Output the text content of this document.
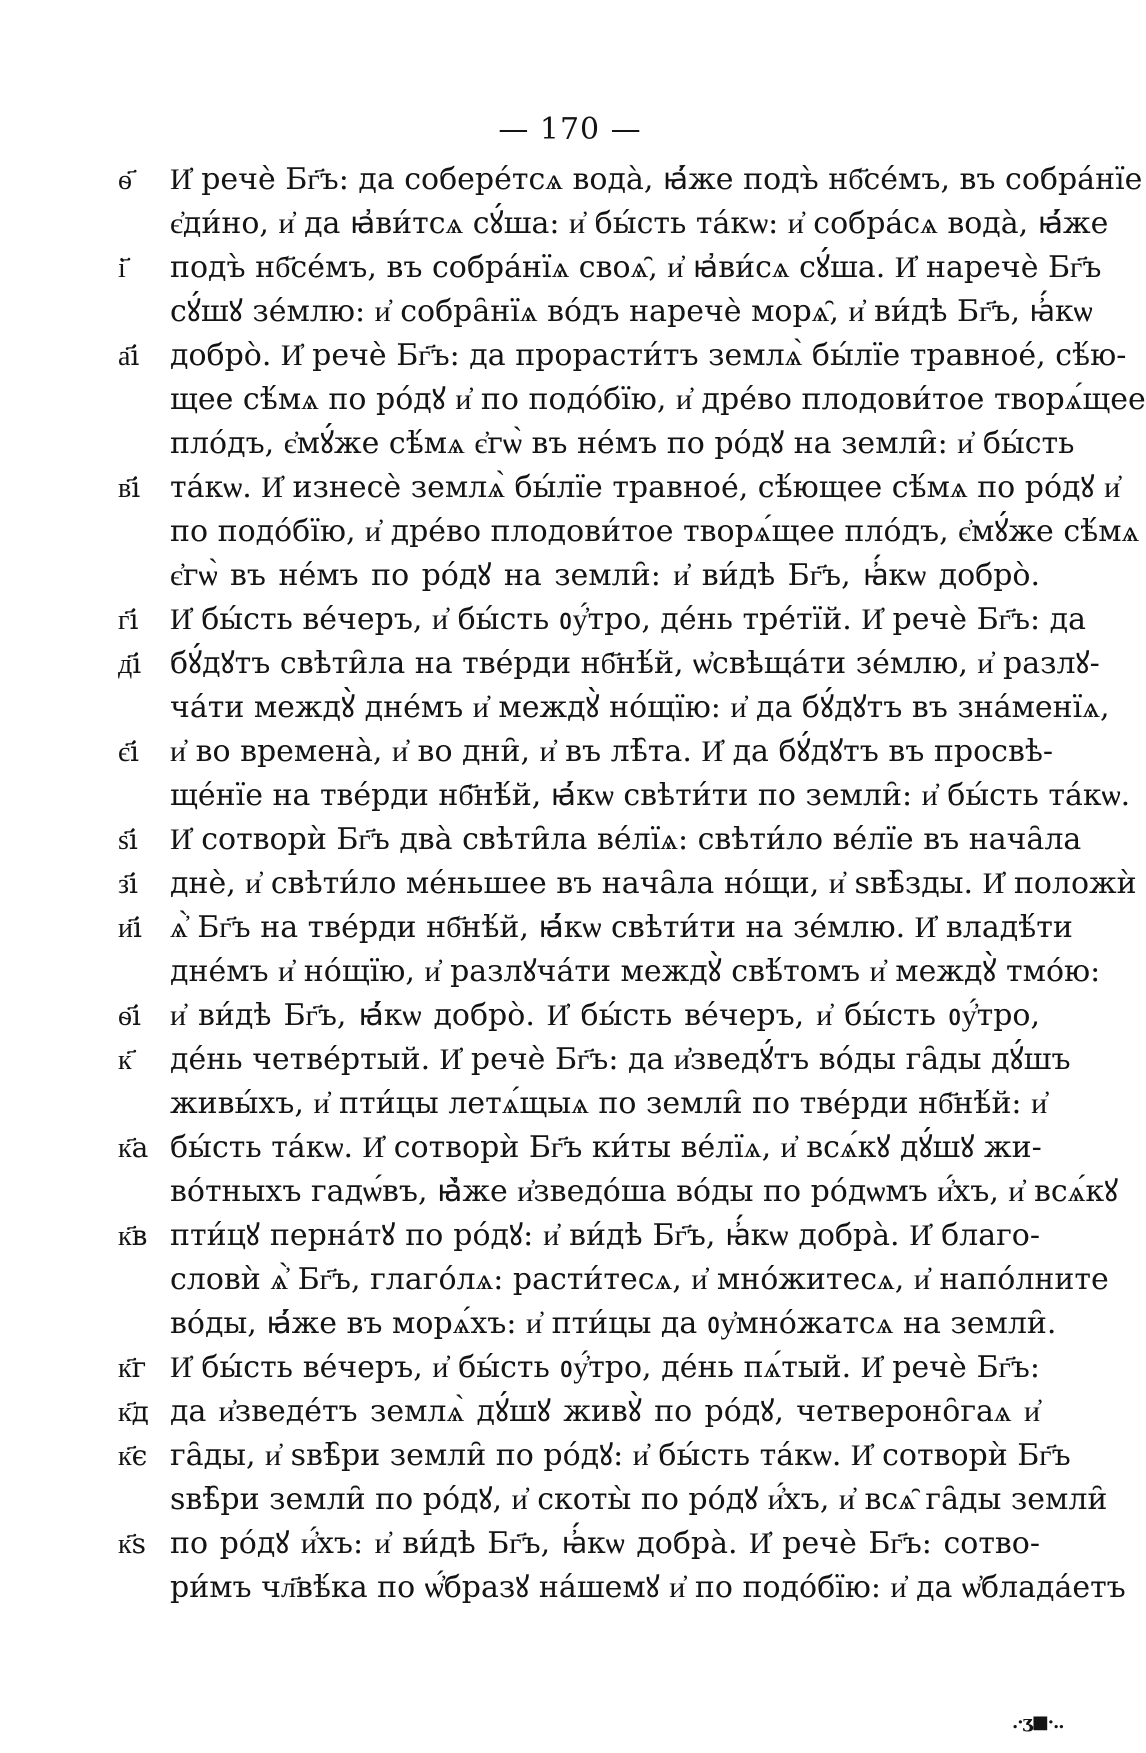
— 170 —
ѳ҃	И҆ речѐ Бг҃ъ: да соберéтсѧ водà, ꙗ҆́же подъ̀ нб҃се́мъ, въ собра́нїе
є҆ди́но, и҆ да ꙗ҆ви́тсѧ сꙋ́ша: и҆ бы́сть та́кѡ: и҆ собра́сѧ водà, ꙗ҆́же
і҃	подъ̀ нб҃се́мъ, въ собра́нїѧ своѧ̑, и҆ ꙗ҆ви́сѧ сꙋ́ша. И҆ наречѐ Бг҃ъ
сꙋ́шꙋ зе́млю: и҆ собра̑нїѧ во́дъ наречѐ морѧ̑, и҆ ви́дѣ Бг҃ъ, ꙗ҆́кѡ
а҃і	добро̀. И҆ речѐ Бг҃ъ: да прорасти́тъ землѧ̀ бы́лїе травное́, сѣ́ю-
щее сѣ́мѧ по ро́дꙋ и҆ по подо́бїю, и҆ дре́во плодови́тое творѧ́щее
пло́дъ, є҆мꙋ́же сѣ́мѧ є҆гѡ̀ въ не́мъ по ро́дꙋ на земли̑: и҆ бы́сть
в҃і та́кѡ. И҆ изнесѐ землѧ̀ бы́лїе травное́, сѣ́ющее сѣ́мѧ по ро́дꙋ и҆
по подо́бїю, и҆ дре́во плодови́тое творѧ́щее пло́дъ, є҆мꙋ́же сѣ́мѧ
є҆гѡ̀ въ не́мъ по ро́дꙋ на земли̑: и҆ ви́дѣ Бг҃ъ, ꙗ҆́кѡ добро̀.
г҃і	И҆ бы́сть ве́черъ, и҆ бы́сть ᲂу҆́тро, де́нь тре́тїй. И҆ речѐ Бг҃ъ: да
д҃і бꙋ́дꙋтъ свѣти̑ла на тве́рди нб҃нѣ́й, ѡ҆свѣща́ти зе́млю, и҆ разлꙋ-
ча́ти междꙋ̀ дне́мъ и҆ междꙋ̀ но́щїю: и҆ да бꙋ́дꙋтъ въ зна́менїѧ,
є҃і	и҆ во времена̀, и҆ во дни̑, и҆ въ лѣ̑та. И҆ да бꙋ́дꙋтъ въ просвѣ-
ще́нїе на тве́рди нб҃нѣ́й, ꙗ҆́кѡ свѣти́ти по земли̑: и҆ бы́сть та́кѡ.
ѕ҃і	И҆ сотворѝ Бг҃ъ два̀ свѣти̑ла ве́лїѧ: свѣти́ло ве́лїе въ нача̑ла
з҃і	днѐ, и҆ свѣти́ло ме́ньшее въ нача̑ла но́щи, и҆ ѕвѣ̑зды. И҆ положѝ
и҃і ѧ҆̀ Бг҃ъ на тве́рди нб҃нѣ́й, ꙗ҆́кѡ свѣти́ти на зе́млю. И҆ владѣ́ти
дне́мъ и҆ но́щїю, и҆ разлꙋча́ти междꙋ̀ свѣ́томъ и҆ междꙋ̀ тмо́ю:
ѳ҃і и҆ ви́дѣ Бг҃ъ, ꙗ҆́кѡ добро̀. И҆ бы́сть ве́черъ, и҆ бы́сть ᲂу҆́тро,
к҃	де́нь четве́ртый. И҆ речѐ Бг҃ъ: да и҆зведꙋ́тъ во́ды га̑ды дꙋ́шъ
живы́хъ, и҆ пти́цы летѧ́щыѧ по земли̑ по тве́рди нб҃нѣ́й: и҆
к҃а бы́сть та́кѡ. И҆ сотворѝ Бг҃ъ ки́ты ве́лїѧ, и҆ всѧ́кꙋ дꙋ́шꙋ жи-
во́тныхъ гадѡ́въ, ꙗ҆̀же и҆зведо́ша во́ды по ро́дѡмъ и҆́хъ, и҆ всѧ́кꙋ
к҃в пти́цꙋ перна́тꙋ по ро́дꙋ: и҆ ви́дѣ Бг҃ъ, ꙗ҆́кѡ добра̀. И҆ благо-
словѝ ѧ҆̀ Бг҃ъ, глаго́лѧ: расти́тесѧ, и҆ мно́житесѧ, и҆ напо́лните
во́ды, ꙗ҆́же въ морѧ́хъ: и҆ пти́цы да ᲂу҆мно́жатсѧ на земли̑.
к҃г И҆ бы́сть ве́черъ, и҆ бы́сть ᲂу҆́тро, де́нь пѧ́тый. И҆ речѐ Бг҃ъ:
к҃д да и҆зведе́тъ землѧ̀ дꙋ́шꙋ живꙋ̀ по ро́дꙋ, четвероно̑гаѧ и҆
к҃є га̑ды, и҆ ѕвѣ̑ри земли̑ по ро́дꙋ: и҆ бы́сть та́кѡ. И҆ сотворѝ Бг҃ъ
ѕвѣ̑ри земли̑ по ро́дꙋ, и҆ скоты̀ по ро́дꙋ и҆́хъ, и҆ всѧ̑ га̑ды земли̑
к҃ѕ по ро́дꙋ и҆́хъ: и҆ ви́дѣ Бг҃ъ, ꙗ҆́кѡ добра̀. И҆ речѐ Бг҃ъ: сотво-
ри́мъ чл҃вѣ́ка по ѡ҆́бразꙋ на́шемꙋ и҆ по подо́бїю: и҆ да ѡ҆блада́етъ
.·ʒ■·..
